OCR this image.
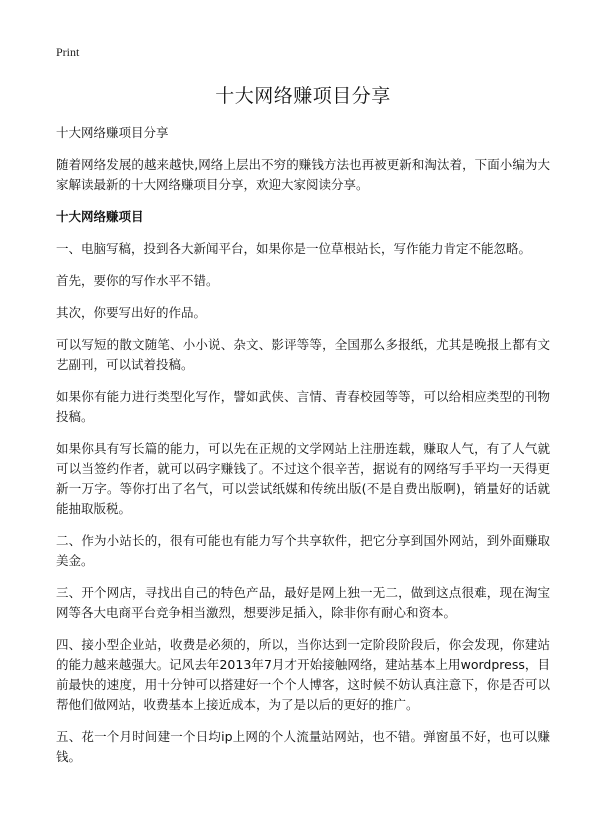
Print
十大网络赚项目分享
十大网络赚项目分享
随着网络发展的越来越快,网络上层出不穷的赚钱方法也再被更新和淘汰着，下面小编为大家解读最新的十大网络赚项目分享，欢迎大家阅读分享。
十大网络赚项目
一、电脑写稿，投到各大新闻平台，如果你是一位草根站长，写作能力肯定不能忽略。
首先，要你的写作水平不错。
其次，你要写出好的作品。
可以写短的散文随笔、小小说、杂文、影评等等，全国那么多报纸，尤其是晚报上都有文艺副刊，可以试着投稿。
如果你有能力进行类型化写作，譬如武侠、言情、青春校园等等，可以给相应类型的刊物投稿。
如果你具有写长篇的能力，可以先在正规的文学网站上注册连载，赚取人气，有了人气就可以当签约作者，就可以码字赚钱了。不过这个很辛苦，据说有的网络写手平均一天得更新一万字。等你打出了名气，可以尝试纸媒和传统出版(不是自费出版啊)，销量好的话就能抽取版税。
二、作为小站长的，很有可能也有能力写个共享软件，把它分享到国外网站，到外面赚取美金。
三、开个网店，寻找出自己的特色产品，最好是网上独一无二，做到这点很难，现在淘宝网等各大电商平台竞争相当激烈，想要涉足插入，除非你有耐心和资本。
四、接小型企业站，收费是必须的，所以，当你达到一定阶段阶段后，你会发现，你建站的能力越来越强大。记风去年2013年7月才开始接触网络，建站基本上用wordpress，目前最快的速度，用十分钟可以搭建好一个个人博客，这时候不妨认真注意下，你是否可以帮他们做网站，收费基本上接近成本，为了是以后的更好的推广。
五、花一个月时间建一个日均ip上网的个人流量站网站，也不错。弹窗虽不好，也可以赚钱。
